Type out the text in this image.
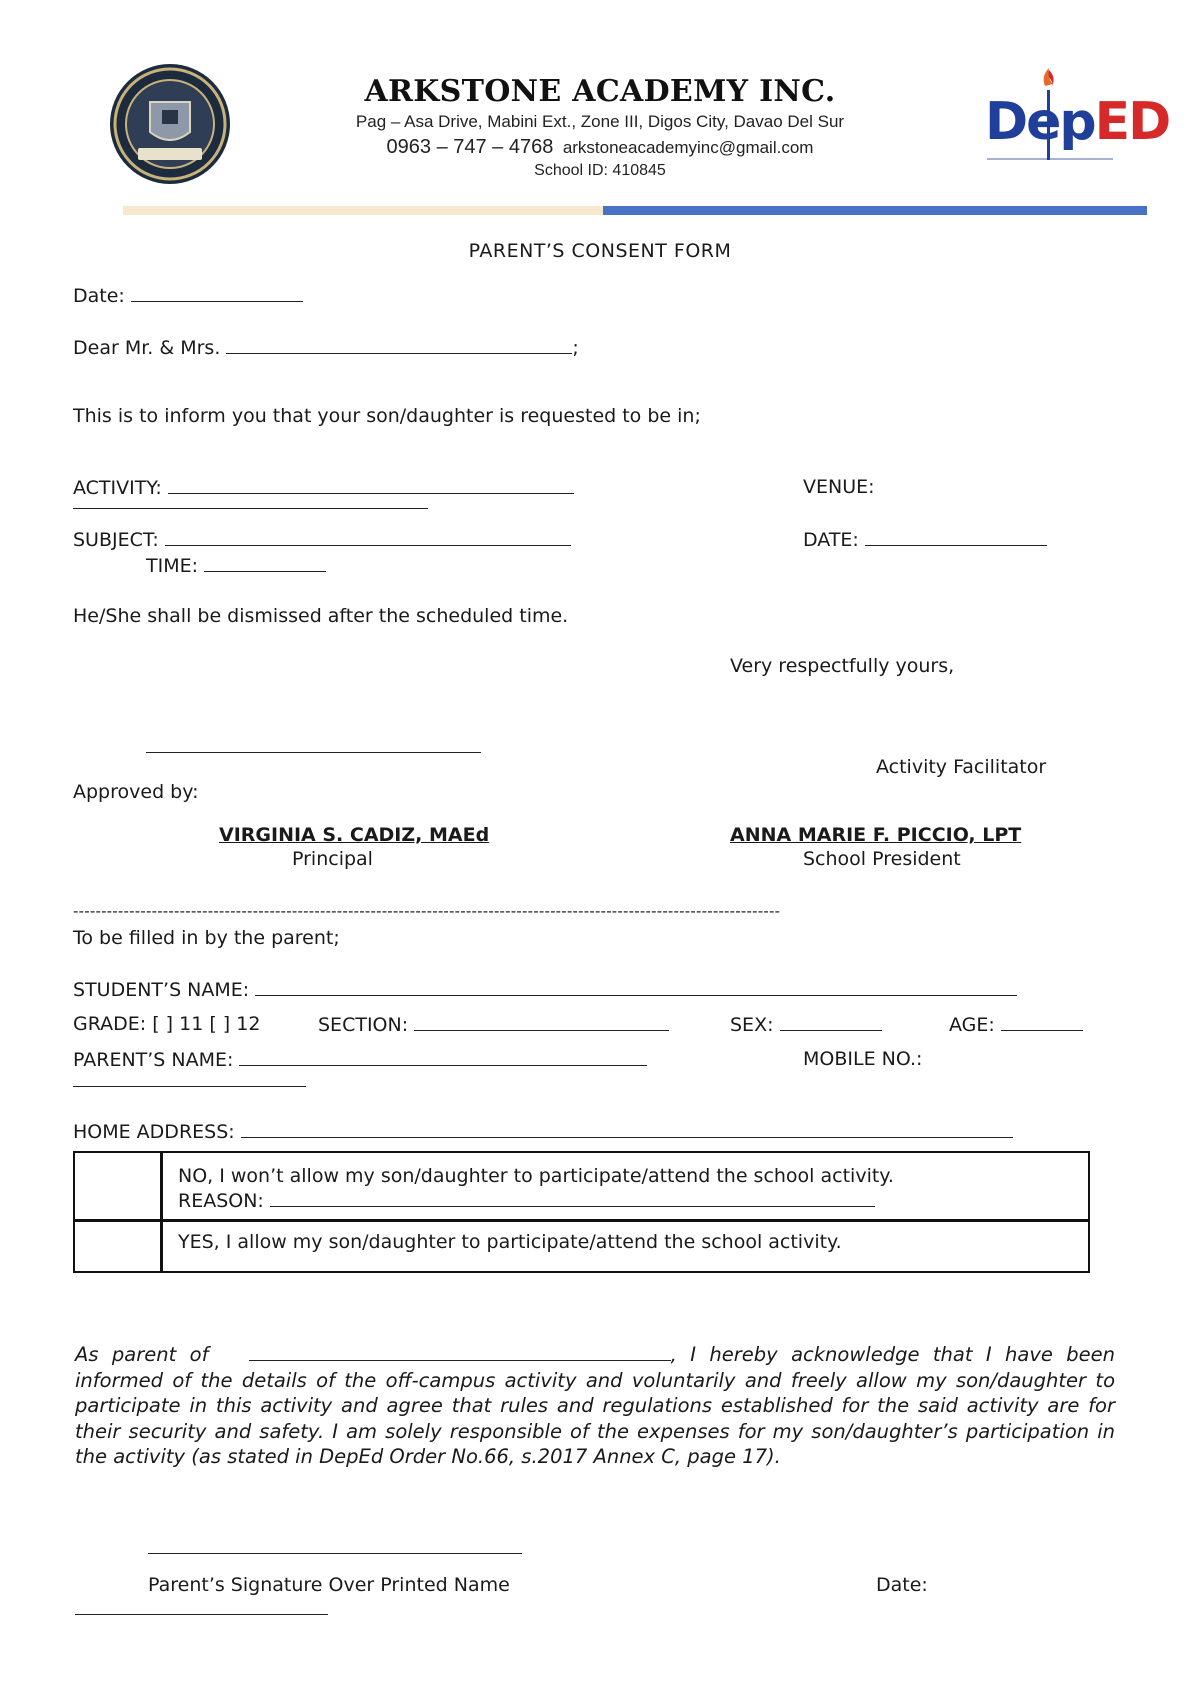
DepED
ARKSTONE ACADEMY INC.
Pag – Asa Drive, Mabini Ext., Zone III, Digos City, Davao Del Sur
0963 – 747 – 4768 arkstoneacademyinc@gmail.com
School ID: 410845
PARENT’S CONSENT FORM
Date:
Dear Mr. & Mrs.	;
This is to inform you that your son/daughter is requested to be in;
ACTIVITY:	VENUE:
SUBJECT:	DATE:
TIME:
He/She shall be dismissed after the scheduled time.
Very respectfully yours,
Activity Facilitator
Approved by:
VIRGINIA S. CADIZ, MAEd
Principal
ANNA MARIE F. PICCIO, LPT
School President
------------------------------------------------------------------------------------------------------------------------------
To be filled in by the parent;
STUDENT’S NAME:
GRADE: [ ] 11 [ ] 12	SECTION:	SEX:	AGE:
PARENT’S NAME:	MOBILE NO.:
HOME ADDRESS:
NO, I won’t allow my son/daughter to participate/attend the school activity.
REASON:
YES, I allow my son/daughter to participate/attend the school activity.
As parent of	, I hereby acknowledge that I have been informed of the details of the off-campus activity and voluntarily and freely allow my son/daughter to participate in this activity and agree that rules and regulations established for the said activity are for their security and safety. I am solely responsible of the expenses for my son/daughter’s participation in the activity (as stated in DepEd Order No.66, s.2017 Annex C, page 17).
Parent’s Signature Over Printed Name	Date:
